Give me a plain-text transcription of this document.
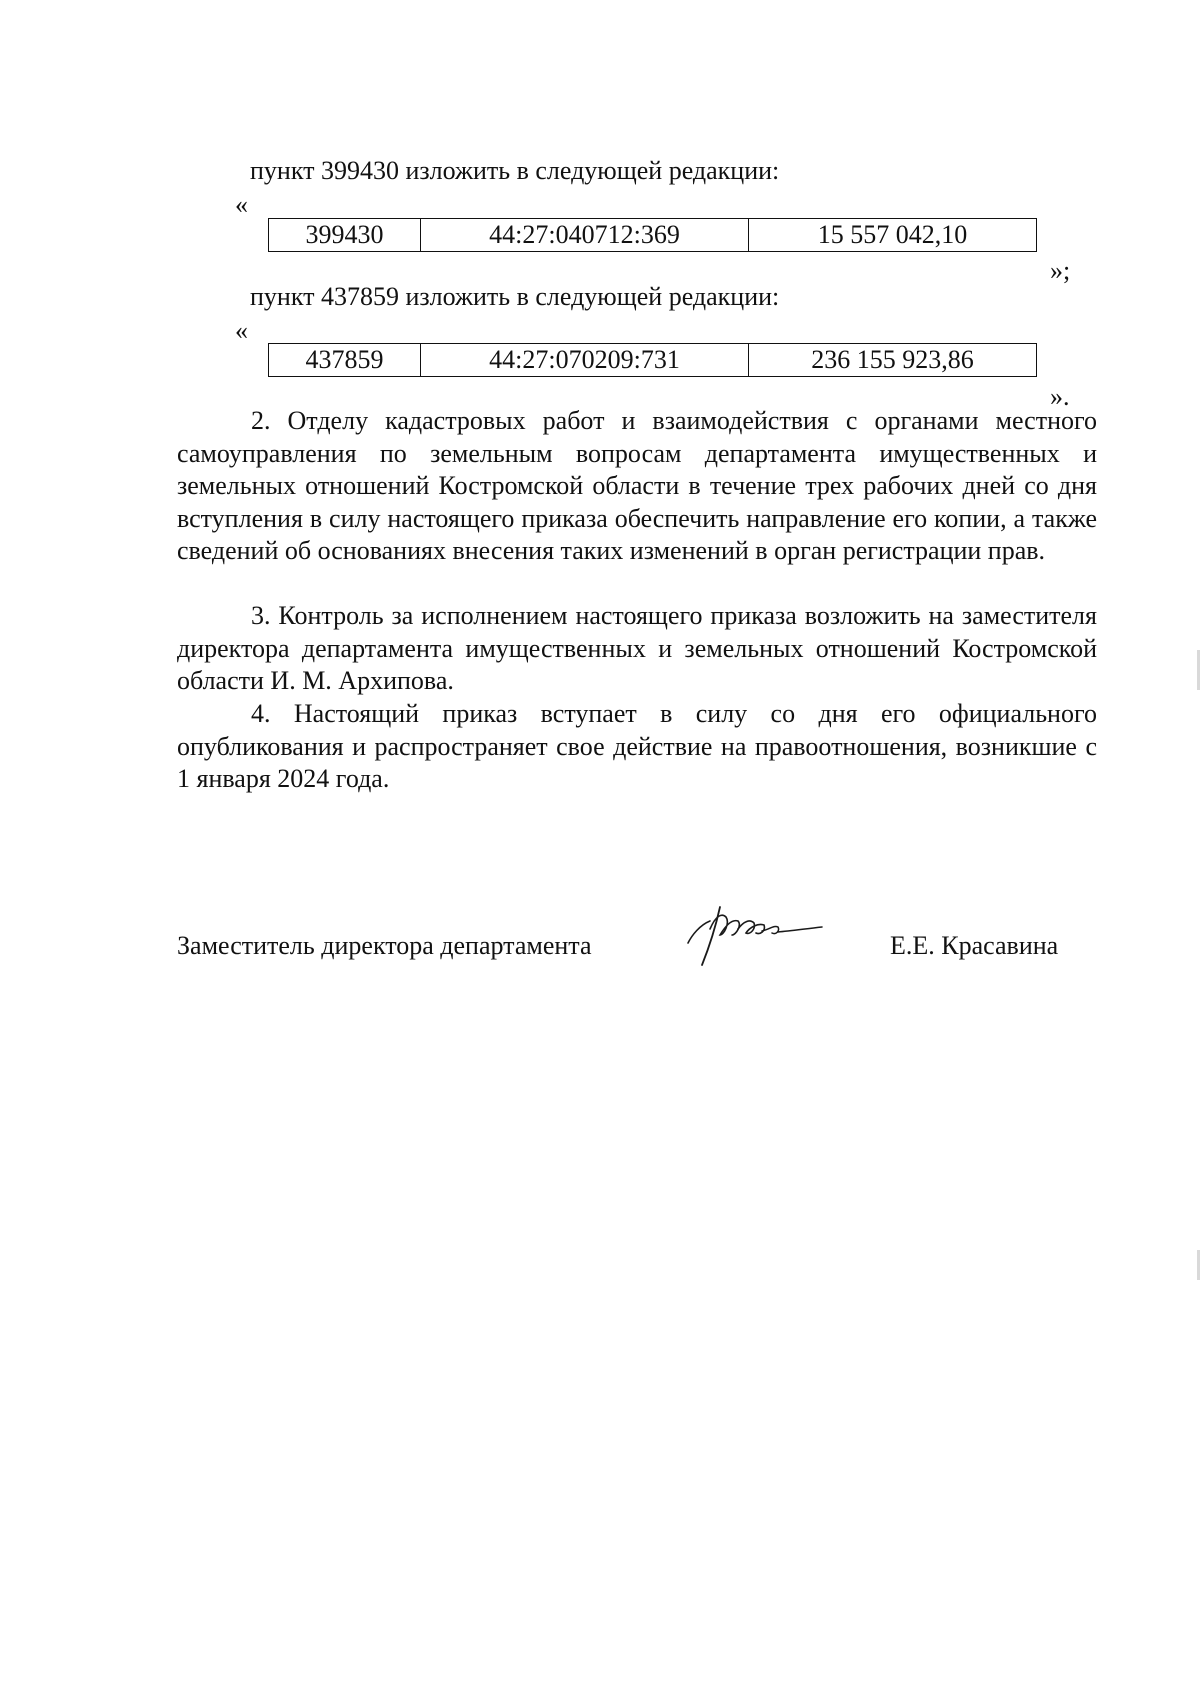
пункт 399430 изложить в следующей редакции:
«
399430	44:27:040712:369	15 557 042,10
»;
пункт 437859 изложить в следующей редакции:
«
437859	44:27:070209:731	236 155 923,86
».
2. Отделу кадастровых работ и взаимодействия с органами местного самоуправления по земельным вопросам департамента имущественных и земельных отношений Костромской области в течение трех рабочих дней со дня вступления в силу настоящего приказа обеспечить направление его копии, а также сведений об основаниях внесения таких изменений в орган регистрации прав.
3. Контроль за исполнением настоящего приказа возложить на заместителя директора департамента имущественных и земельных отношений Костромской области И. М. Архипова.
4. Настоящий приказ вступает в силу со дня его официального опубликования и распространяет свое действие на правоотношения, возникшие с 1 января 2024 года.
Заместитель директора департамента	Е.Е. Красавина
